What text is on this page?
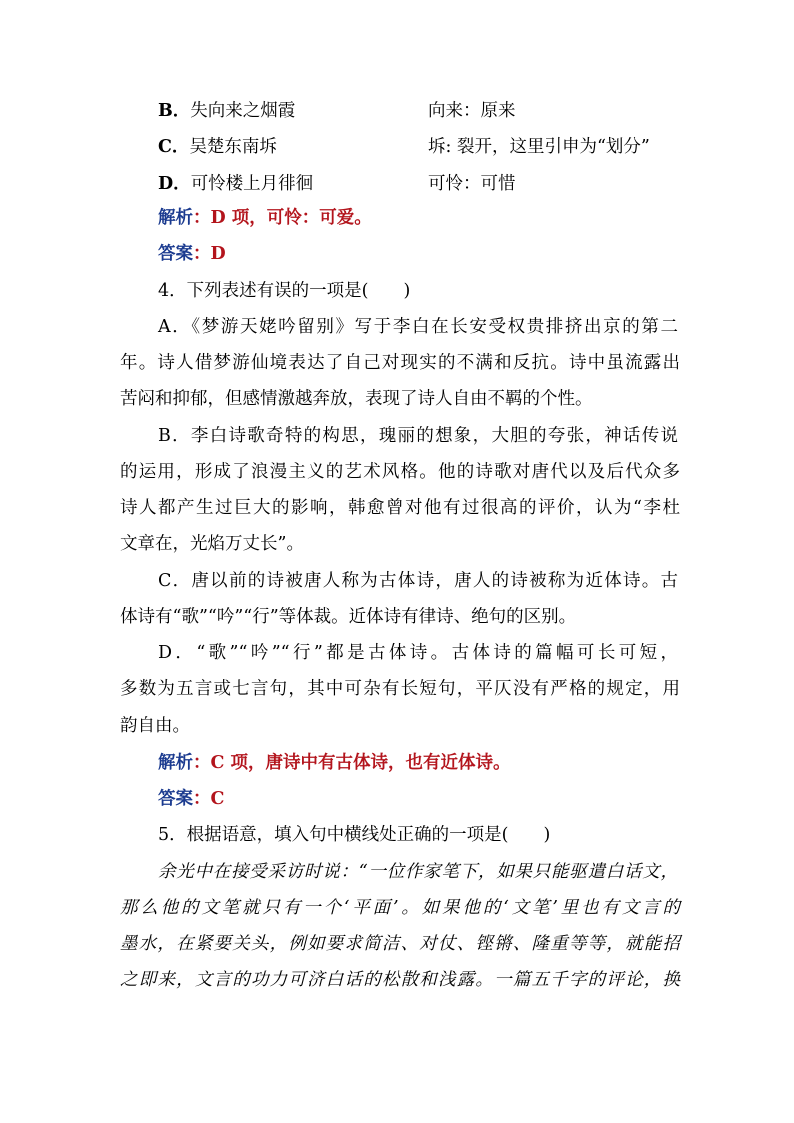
B．失向来之烟霞	向来：原来
C．吴楚东南坼	坼: 裂开，这里引申为“划分”
D．可怜楼上月徘徊	可怜：可惜
解析：D 项，可怜：可爱。
答案：D
4．下列表述有误的一项是(　　)
A．《梦游天姥吟留别》写于李白在长安受权贵排挤出京的第二
年。诗人借梦游仙境表达了自己对现实的不满和反抗。诗中虽流露出
苦闷和抑郁，但感情激越奔放，表现了诗人自由不羁的个性。
B．李白诗歌奇特的构思，瑰丽的想象，大胆的夸张，神话传说
的运用，形成了浪漫主义的艺术风格。他的诗歌对唐代以及后代众多
诗人都产生过巨大的影响，韩愈曾对他有过很高的评价，认为“李杜
文章在，光焰万丈长”。
C．唐以前的诗被唐人称为古体诗，唐人的诗被称为近体诗。古
体诗有“歌”“吟”“行”等体裁。近体诗有律诗、绝句的区别。
D．“歌”“吟”“行”都是古体诗。古体诗的篇幅可长可短，
多数为五言或七言句，其中可杂有长短句，平仄没有严格的规定，用
韵自由。
解析：C 项，唐诗中有古体诗，也有近体诗。
答案：C
5．根据语意，填入句中横线处正确的一项是(　　)
余光中在接受采访时说：“一位作家笔下，如果只能驱遣白话文，
那么他的文笔就只有一个‘平面’。如果他的‘文笔’里也有文言的
墨水，在紧要关头，例如要求简洁、对仗、铿锵、隆重等等，就能招
之即来，文言的功力可济白话的松散和浅露。一篇五千字的评论，换
